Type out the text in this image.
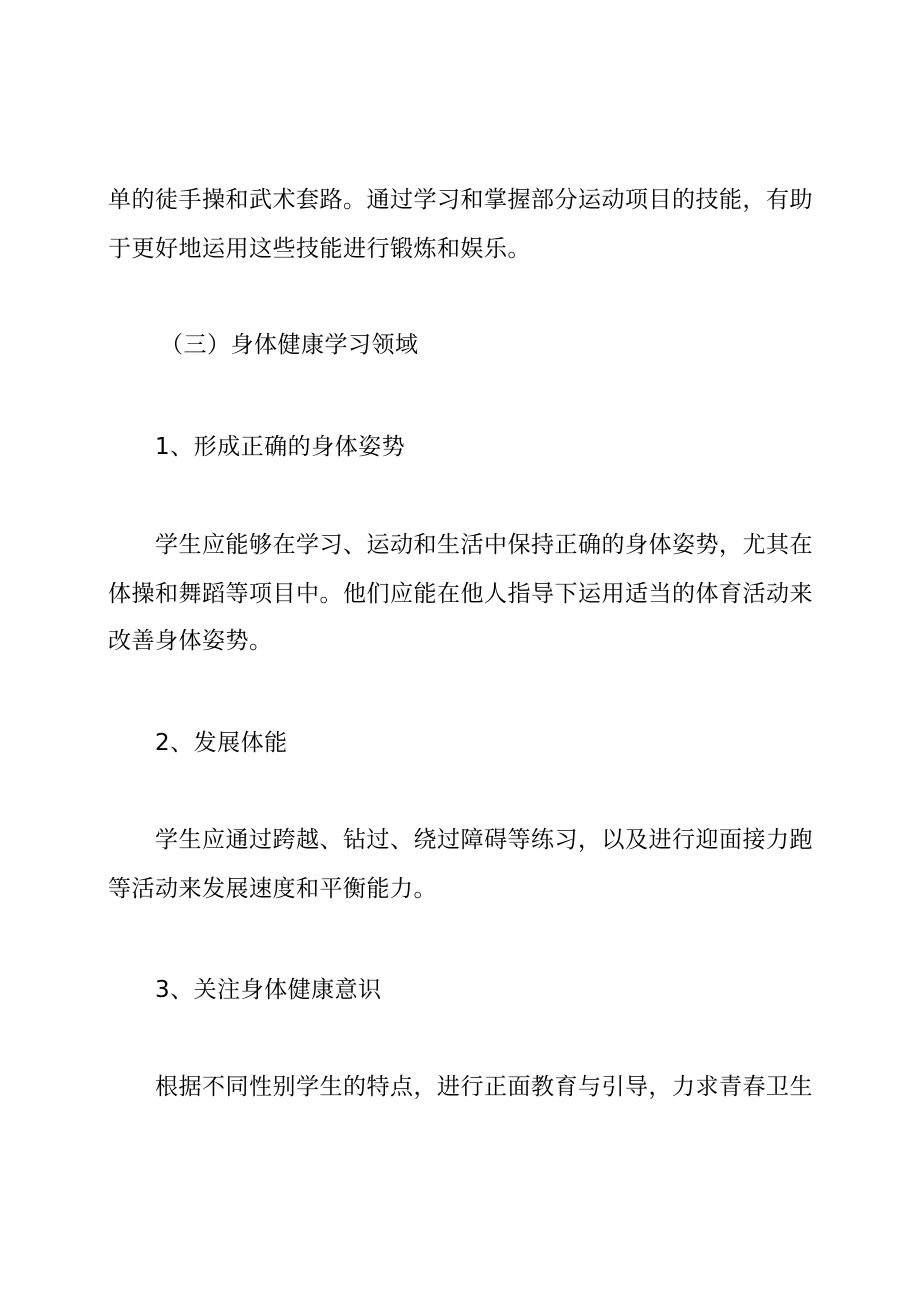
单的徒手操和武术套路。通过学习和掌握部分运动项目的技能，有助
于更好地运用这些技能进行锻炼和娱乐。
（三）身体健康学习领域
1、形成正确的身体姿势
学生应能够在学习、运动和生活中保持正确的身体姿势，尤其在
体操和舞蹈等项目中。他们应能在他人指导下运用适当的体育活动来
改善身体姿势。
2、发展体能
学生应通过跨越、钻过、绕过障碍等练习，以及进行迎面接力跑
等活动来发展速度和平衡能力。
3、关注身体健康意识
根据不同性别学生的特点，进行正面教育与引导，力求青春卫生
